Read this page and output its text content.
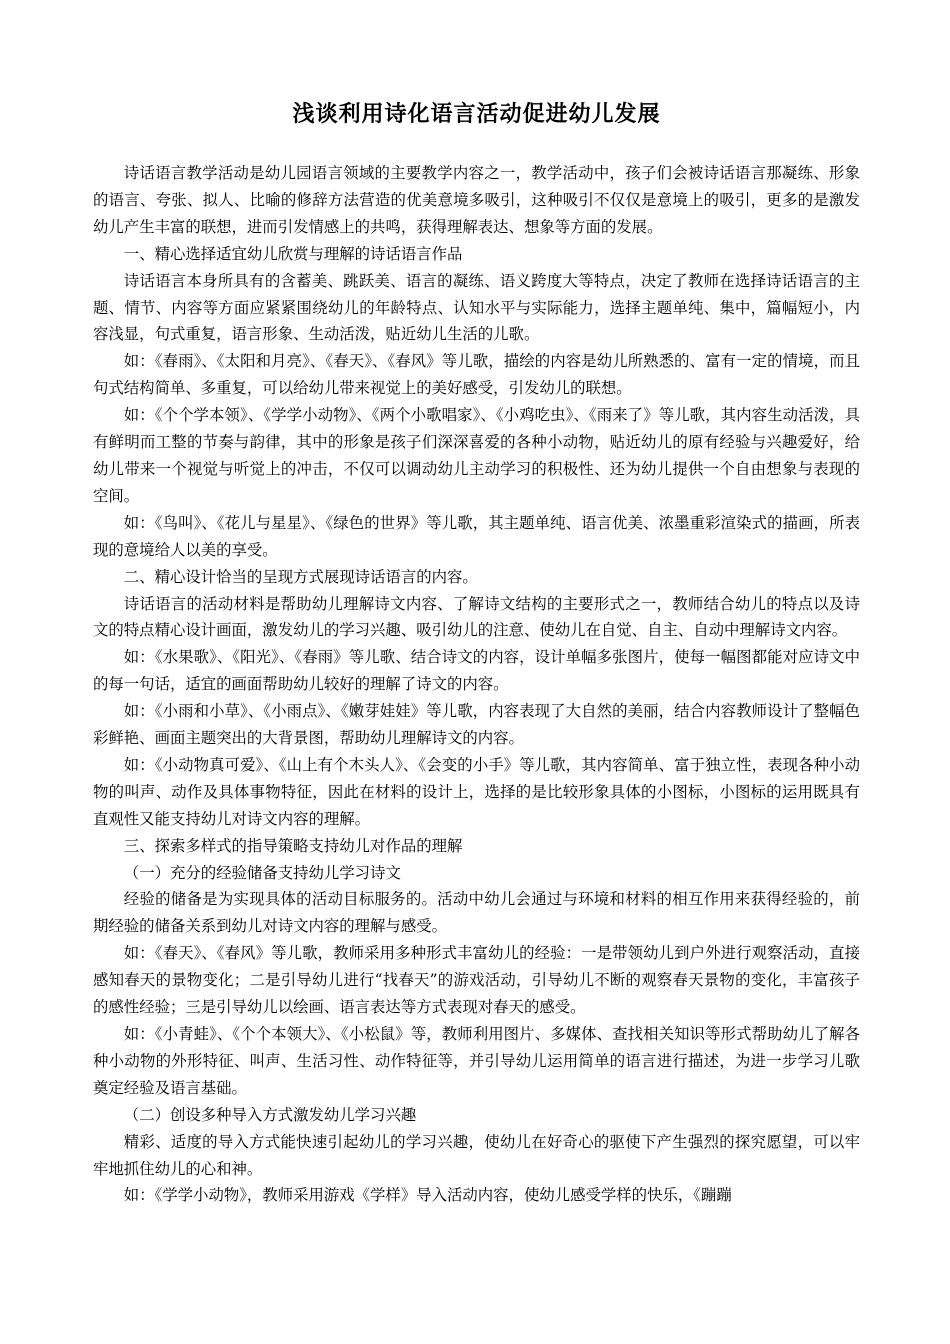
浅谈利用诗化语言活动促进幼儿发展

诗话语言教学活动是幼儿园语言领域的主要教学内容之一，教学活动中，孩子们会被诗话语言那凝练、形象的语言、夸张、拟人、比喻的修辞方法营造的优美意境多吸引，这种吸引不仅仅是意境上的吸引，更多的是激发幼儿产生丰富的联想，进而引发情感上的共鸣，获得理解表达、想象等方面的发展。

一、精心选择适宜幼儿欣赏与理解的诗话语言作品

诗话语言本身所具有的含蓄美、跳跃美、语言的凝练、语义跨度大等特点，决定了教师在选择诗话语言的主题、情节、内容等方面应紧紧围绕幼儿的年龄特点、认知水平与实际能力，选择主题单纯、集中，篇幅短小，内容浅显，句式重复，语言形象、生动活泼，贴近幼儿生活的儿歌。

如：《春雨》、《太阳和月亮》、《春天》、《春风》等儿歌，描绘的内容是幼儿所熟悉的、富有一定的情境，而且句式结构简单、多重复，可以给幼儿带来视觉上的美好感受，引发幼儿的联想。

如：《个个学本领》、《学学小动物》、《两个小歌唱家》、《小鸡吃虫》、《雨来了》等儿歌，其内容生动活泼，具有鲜明而工整的节奏与韵律，其中的形象是孩子们深深喜爱的各种小动物，贴近幼儿的原有经验与兴趣爱好，给幼儿带来一个视觉与听觉上的冲击，不仅可以调动幼儿主动学习的积极性、还为幼儿提供一个自由想象与表现的空间。

如：《鸟叫》、《花儿与星星》、《绿色的世界》等儿歌，其主题单纯、语言优美、浓墨重彩渲染式的描画，所表现的意境给人以美的享受。

二、精心设计恰当的呈现方式展现诗话语言的内容。

诗话语言的活动材料是帮助幼儿理解诗文内容、了解诗文结构的主要形式之一，教师结合幼儿的特点以及诗文的特点精心设计画面，激发幼儿的学习兴趣、吸引幼儿的注意、使幼儿在自觉、自主、自动中理解诗文内容。

如：《水果歌》、《阳光》、《春雨》等儿歌、结合诗文的内容，设计单幅多张图片，使每一幅图都能对应诗文中的每一句话，适宜的画面帮助幼儿较好的理解了诗文的内容。

如：《小雨和小草》、《小雨点》、《嫩芽娃娃》等儿歌，内容表现了大自然的美丽，结合内容教师设计了整幅色彩鲜艳、画面主题突出的大背景图，帮助幼儿理解诗文的内容。

如：《小动物真可爱》、《山上有个木头人》、《会变的小手》等儿歌，其内容简单、富于独立性，表现各种小动物的叫声、动作及具体事物特征，因此在材料的设计上，选择的是比较形象具体的小图标，小图标的运用既具有直观性又能支持幼儿对诗文内容的理解。

三、探索多样式的指导策略支持幼儿对作品的理解

（一）充分的经验储备支持幼儿学习诗文

经验的储备是为实现具体的活动目标服务的。活动中幼儿会通过与环境和材料的相互作用来获得经验的，前期经验的储备关系到幼儿对诗文内容的理解与感受。

如：《春天》、《春风》等儿歌，教师采用多种形式丰富幼儿的经验：一是带领幼儿到户外进行观察活动，直接感知春天的景物变化；二是引导幼儿进行“找春天”的游戏活动，引导幼儿不断的观察春天景物的变化，丰富孩子的感性经验；三是引导幼儿以绘画、语言表达等方式表现对春天的感受。

如：《小青蛙》、《个个本领大》、《小松鼠》等，教师利用图片、多媒体、查找相关知识等形式帮助幼儿了解各种小动物的外形特征、叫声、生活习性、动作特征等，并引导幼儿运用简单的语言进行描述，为进一步学习儿歌奠定经验及语言基础。

（二）创设多种导入方式激发幼儿学习兴趣

精彩、适度的导入方式能快速引起幼儿的学习兴趣，使幼儿在好奇心的驱使下产生强烈的探究愿望，可以牢牢地抓住幼儿的心和神。

如：《学学小动物》，教师采用游戏《学样》导入活动内容，使幼儿感受学样的快乐，《蹦蹦
